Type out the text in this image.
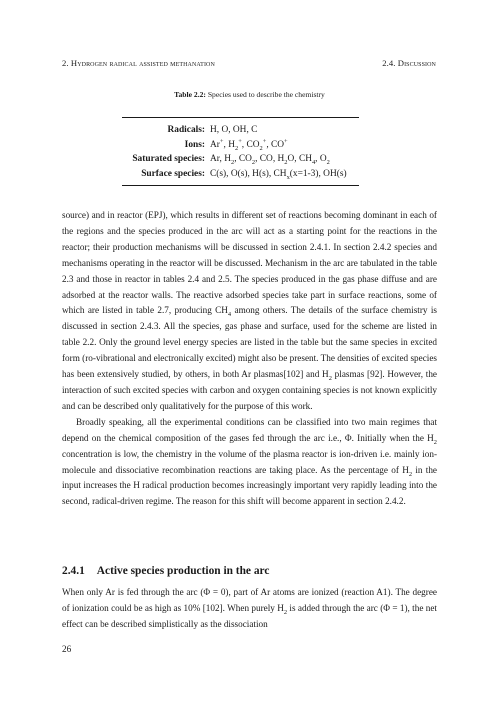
2. Hydrogen radical assisted methanation	2.4. Discussion
Table 2.2: Species used to describe the chemistry
Radicals: H, O, OH, C
Ions: Ar+, $H_2^+$, $CO_2^+$, CO+
Saturated species: Ar, $H_2$, $CO_2$, CO, $H_2O$, $CH_4$, $O_2$
Surface species: C(s), O(s), H(s), $CH_x(x=1-3)$, OH(s)

source) and in reactor (EPJ), which results in different set of reactions becoming dominant in each of the regions and the species produced in the arc will act as a starting point for the reactions in the reactor; their production mechanisms will be discussed in section 2.4.1. In section 2.4.2 species and mechanisms operating in the reactor will be discussed. Mechanism in the arc are tabulated in the table 2.3 and those in reactor in tables 2.4 and 2.5. The species produced in the gas phase diffuse and are adsorbed at the reactor walls. The reactive adsorbed species take part in surface reactions, some of which are listed in table 2.7, producing $CH_4$ among others. The details of the surface chemistry is discussed in section 2.4.3. All the species, gas phase and surface, used for the scheme are listed in table 2.2. Only the ground level energy species are listed in the table but the same species in excited form (ro-vibrational and electronically excited) might also be present. The densities of excited species has been extensively studied, by others, in both Ar plasmas[102] and $H_2$ plasmas [92]. However, the interaction of such excited species with carbon and oxygen containing species is not known explicitly and can be described only qualitatively for the purpose of this work.

Broadly speaking, all the experimental conditions can be classified into two main regimes that depend on the chemical composition of the gases fed through the arc i.e., Φ. Initially when the $H_2$ concentration is low, the chemistry in the volume of the plasma reactor is ion-driven i.e. mainly ion-molecule and dissociative recombination reactions are taking place. As the percentage of $H_2$ in the input increases the H radical production becomes increasingly important very rapidly leading into the second, radical-driven regime. The reason for this shift will become apparent in section 2.4.2.

2.4.1 Active species production in the arc

When only Ar is fed through the arc (Φ = 0), part of Ar atoms are ionized (reaction A1). The degree of ionization could be as high as 10% [102]. When purely $H_2$ is added through the arc (Φ = 1), the net effect can be described simplistically as the dissociation

26
